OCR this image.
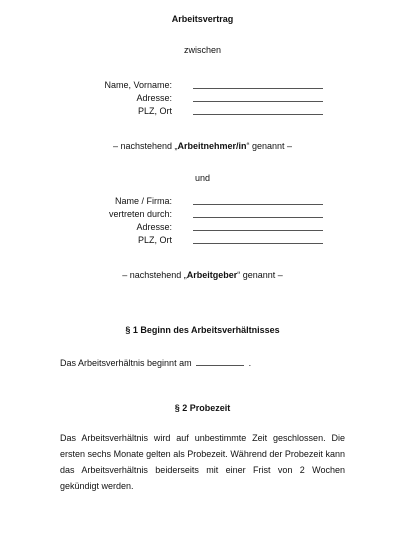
Arbeitsvertrag
zwischen
Name, Vorname:
Adresse:
PLZ, Ort
– nachstehend „Arbeitnehmer/in“ genannt –
und
Name / Firma:
vertreten durch:
Adresse:
PLZ, Ort
– nachstehend „Arbeitgeber“ genannt –
§ 1 Beginn des Arbeitsverhältnisses
Das Arbeitsverhältnis beginnt am	.
§ 2 Probezeit
Das Arbeitsverhältnis wird auf unbestimmte Zeit geschlossen. Die ersten sechs Monate gelten als Probezeit. Während der Probezeit kann das Arbeitsverhältnis beiderseits mit einer Frist von 2 Wochen gekündigt werden.
